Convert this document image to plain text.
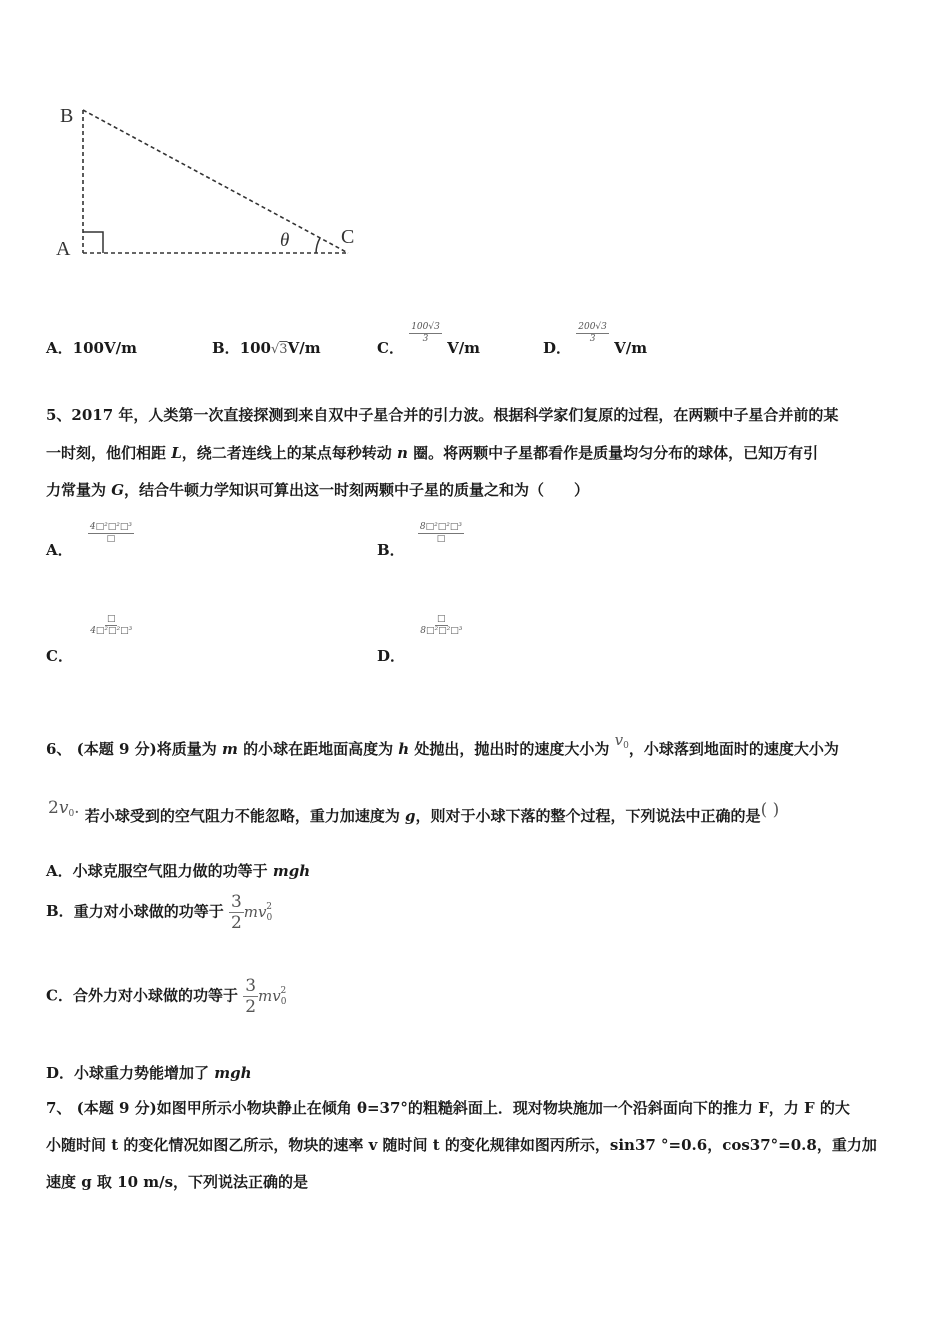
B
A
C
θ
A．100V/m	B．100√3V/m	C．
$\frac{100√3}{3}$
V/m	D．
$\frac{200√3}{3}$
V/m
5、2017 年，人类第一次直接探测到来自双中子星合并的引力波。根据科学家们复原的过程，在两颗中子星合并前的某
一时刻，他们相距 L，绕二者连线上的某点每秒转动 n 圈。将两颗中子星都看作是质量均匀分布的球体，已知万有引
力常量为 G，结合牛顿力学知识可算出这一时刻两颗中子星的质量之和为（　　）
A．
$\frac{\text{4□²□²□³}}{□}$
B．
$\frac{\text{8□²□²□³}}{□}$
C．
$\frac{□}{\text{4□²□²□³}}$
D．
$\frac{□}{\text{8□²□²□³}}$
6、 (本题 9 分)将质量为 m 的小球在距地面高度为 h 处抛出，抛出时的速度大小为 $v_0$，小球落到地面时的速度大小为
$2v_0$. 若小球受到的空气阻力不能忽略，重力加速度为 g，则对于小球下落的整个过程，下列说法中正确的是( )
A．小球克服空气阻力做的功等于 mgh
B．重力对小球做的功等于 $\frac{3}{2} mv_0^2$
C．合外力对小球做的功等于 $\frac{3}{2} mv_0^2$
D．小球重力势能增加了 mgh
7、 (本题 9 分)如图甲所示小物块静止在倾角 θ=37°的粗糙斜面上．现对物块施加一个沿斜面向下的推力 F，力 F 的大
小随时间 t 的变化情况如图乙所示，物块的速率 v 随时间 t 的变化规律如图丙所示，sin37 °=0.6，cos37°=0.8，重力加
速度 g 取 10 m/s，下列说法正确的是
